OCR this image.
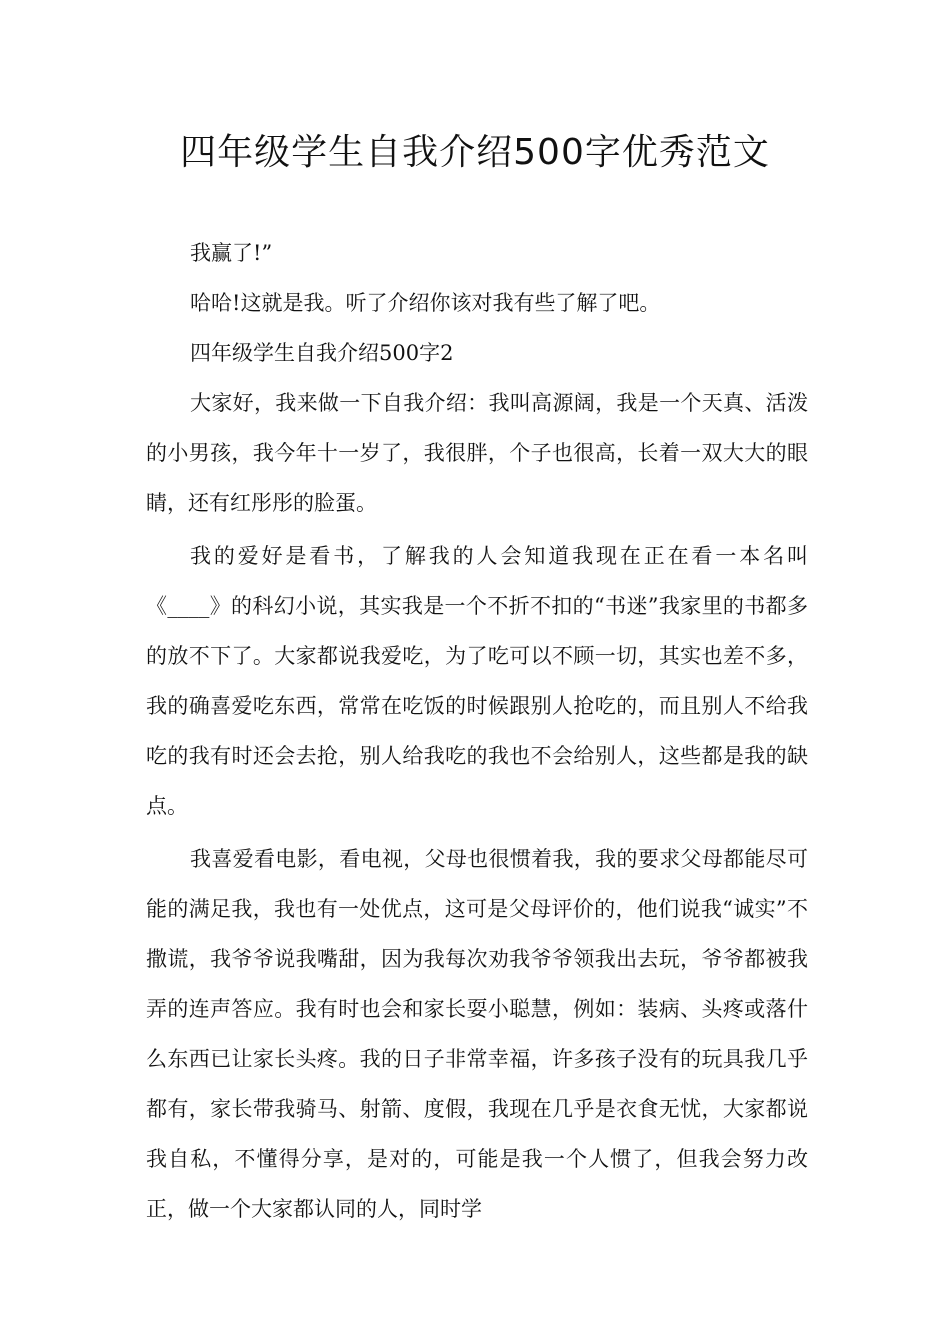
四年级学生自我介绍500字优秀范文

我赢了!”

哈哈!这就是我。听了介绍你该对我有些了解了吧。

四年级学生自我介绍500字2

大家好，我来做一下自我介绍：我叫高源阔，我是一个天真、活泼的小男孩，我今年十一岁了，我很胖，个子也很高，长着一双大大的眼睛，还有红彤彤的脸蛋。

我的爱好是看书，了解我的人会知道我现在正在看一本名叫《____》的科幻小说，其实我是一个不折不扣的“书迷”我家里的书都多的放不下了。大家都说我爱吃，为了吃可以不顾一切，其实也差不多，我的确喜爱吃东西，常常在吃饭的时候跟别人抢吃的，而且别人不给我吃的我有时还会去抢，别人给我吃的我也不会给别人，这些都是我的缺点。

我喜爱看电影，看电视，父母也很惯着我，我的要求父母都能尽可能的满足我，我也有一处优点，这可是父母评价的，他们说我“诚实”不撒谎，我爷爷说我嘴甜，因为我每次劝我爷爷领我出去玩，爷爷都被我弄的连声答应。我有时也会和家长耍小聪慧，例如：装病、头疼或落什么东西已让家长头疼。我的日子非常幸福，许多孩子没有的玩具我几乎都有，家长带我骑马、射箭、度假，我现在几乎是衣食无忧，大家都说我自私，不懂得分享，是对的，可能是我一个人惯了，但我会努力改正，做一个大家都认同的人，同时学
